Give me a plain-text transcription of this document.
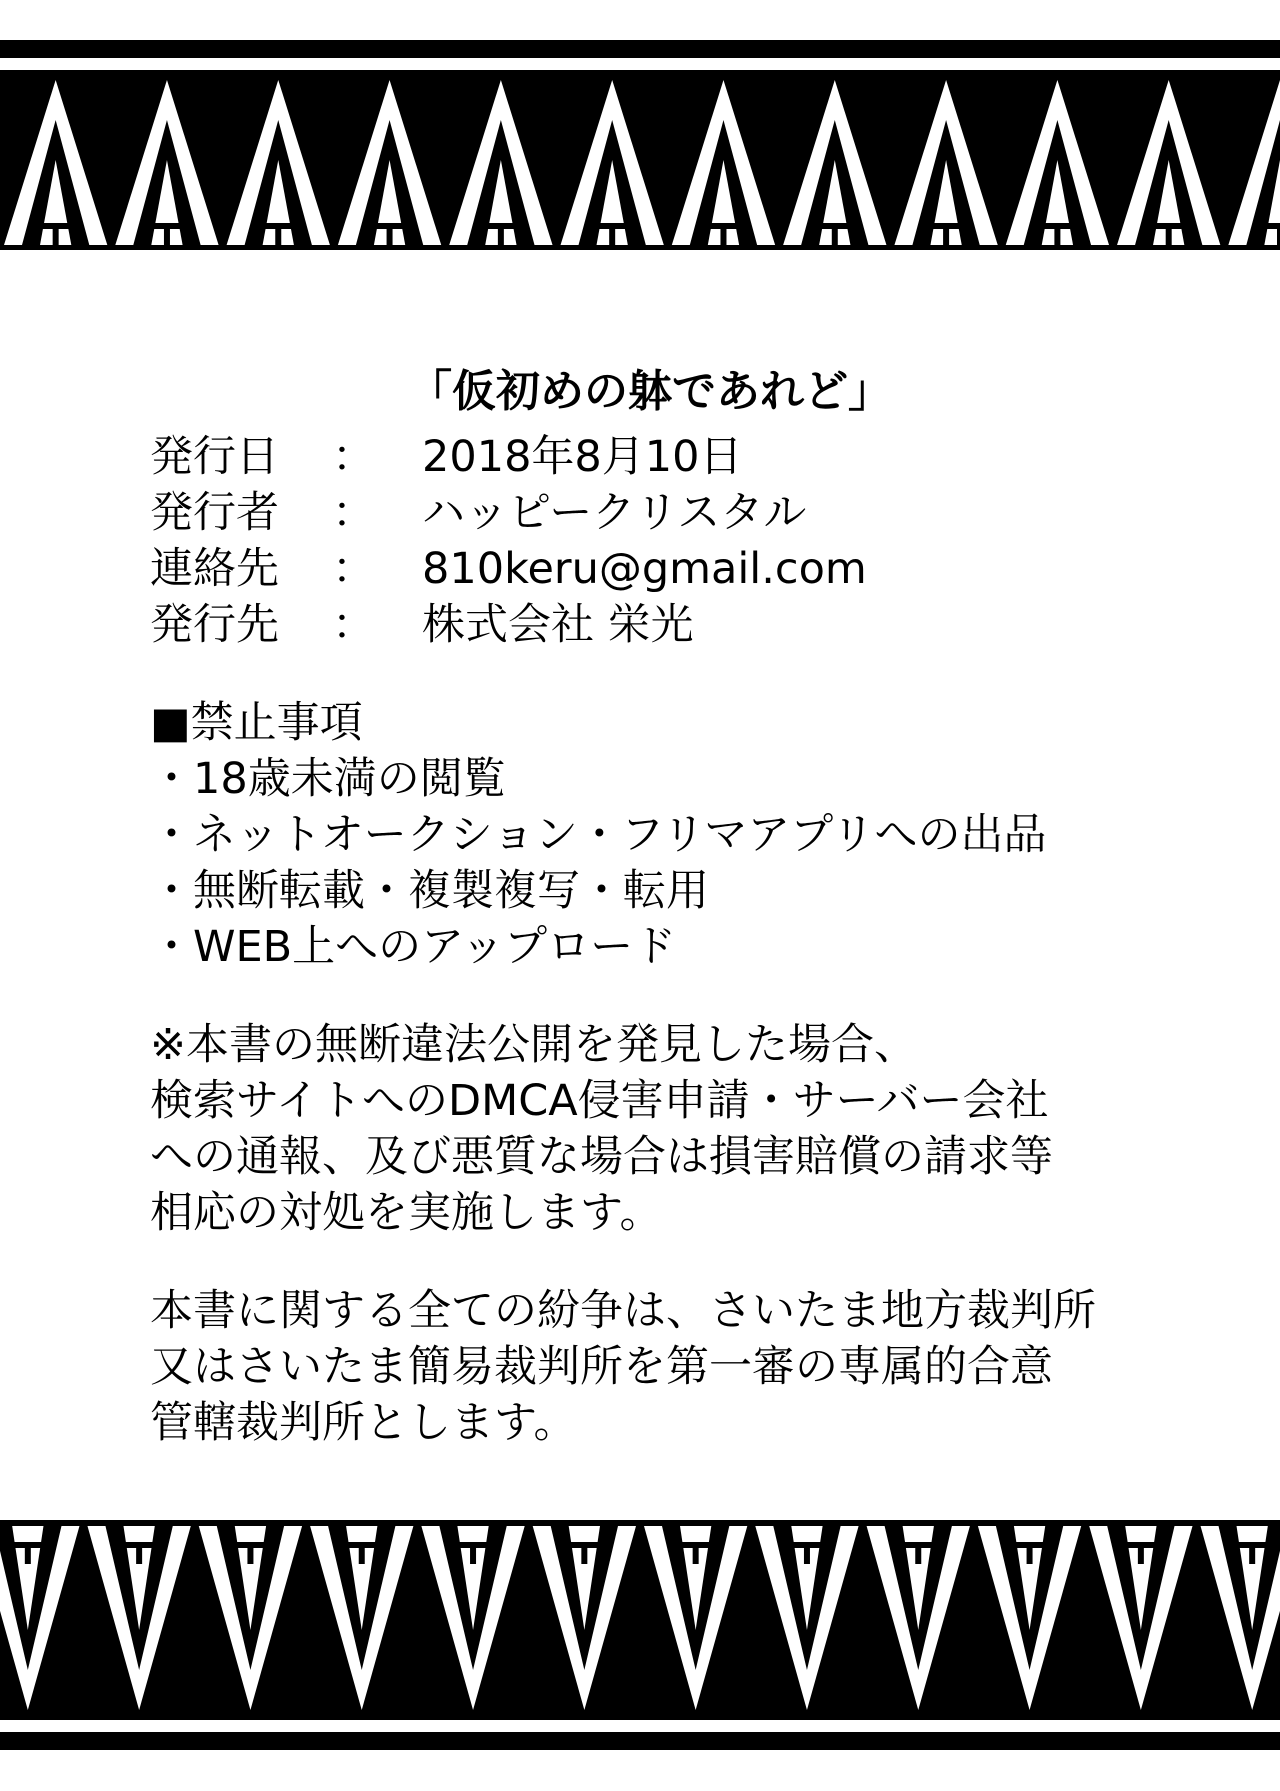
「仮初めの躰であれど」
発行日	：	2018年8月10日
発行者	：	ハッピークリスタル
連絡先	：	810keru@gmail.com
発行先	：	株式会社 栄光
■禁止事項
・18歳未満の閲覧
・ネットオークション・フリマアプリへの出品
・無断転載・複製複写・転用
・WEB上へのアップロード
※本書の無断違法公開を発見した場合、
検索サイトへのDMCA侵害申請・サーバー会社
への通報、及び悪質な場合は損害賠償の請求等
相応の対処を実施します。
本書に関する全ての紛争は、さいたま地方裁判所
又はさいたま簡易裁判所を第一審の専属的合意
管轄裁判所とします。
